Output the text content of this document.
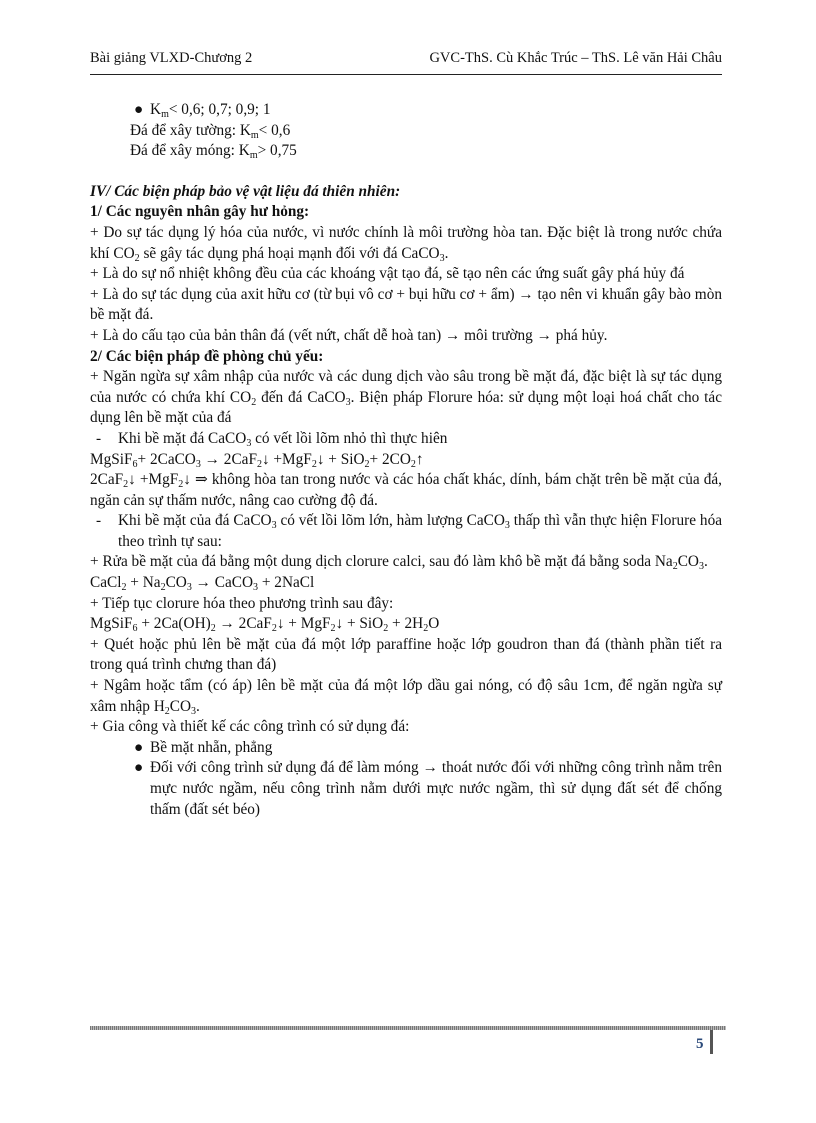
Bài giảng VLXD-Chương 2	GVC-ThS. Cù Khắc Trúc – ThS. Lê văn Hải Châu
● $K_m< 0,6$; 0,7; 0,9; 1
Đá để xây tường: $K_m< 0,6$
Đá để xây móng: $K_m> 0,75$
IV/ Các biện pháp bảo vệ vật liệu đá thiên nhiên:
1/ Các nguyên nhân gây hư hỏng:
+ Do sự tác dụng lý hóa của nước, vì nước chính là môi trường hòa tan. Đặc biệt là trong nước chứa khí $CO_2$ sẽ gây tác dụng phá hoại mạnh đối với đá CaCO$_3$.
+ Là do sự nổ nhiệt không đều của các khoáng vật tạo đá, sẽ tạo nên các ứng suất gây phá hủy đá
+ Là do sự tác dụng của axit hữu cơ (từ bụi vô cơ + bụi hữu cơ + ẩm) → tạo nên vi khuẩn gây bào mòn bề mặt đá.
+ Là do cấu tạo của bản thân đá (vết nứt, chất dễ hoà tan) → môi trường → phá hủy.
2/ Các biện pháp đề phòng chủ yếu:
+ Ngăn ngừa sự xâm nhập của nước và các dung dịch vào sâu trong bề mặt đá, đặc biệt là sự tác dụng của nước có chứa khí $CO_2$ đến đá CaCO$_3$. Biện pháp Florure hóa: sử dụng một loại hoá chất cho tác dụng lên bề mặt của đá
- Khi bề mặt đá CaCO$_3$ có vết lồi lõm nhỏ thì thực hiên
MgSiF$_6$+ 2CaCO$_3$ → 2CaF$_2$↓ +MgF$_2$↓ + $SiO_2+ 2CO_2↑$
2CaF$_2$↓ +MgF$_2$↓ ⇒ không hòa tan trong nước và các hóa chất khác, dính, bám chặt trên bề mặt của đá, ngăn cản sự thấm nước, nâng cao cường độ đá.
- Khi bề mặt của đá CaCO$_3$ có vết lồi lõm lớn, hàm lượng CaCO$_3$ thấp thì vẫn thực hiện Florure hóa theo trình tự sau:
+ Rửa bề mặt của đá bằng một dung dịch clorure calci, sau đó làm khô bề mặt đá bằng soda $Na_2CO_3$.
CaCl$_2$ + $Na_2CO_3$ → CaCO$_3$ + 2NaCl
+ Tiếp tục clorure hóa theo phương trình sau đây:
MgSiF$_6$ + $2Ca(OH)_2$ → 2CaF$_2$↓ + MgF$_2$↓ + $SiO_2 + 2H_2O$
+ Quét hoặc phủ lên bề mặt của đá một lớp paraffine hoặc lớp goudron than đá (thành phần tiết ra trong quá trình chưng than đá)
+ Ngâm hoặc tẩm (có áp) lên bề mặt của đá một lớp dầu gai nóng, có độ sâu 1cm, để ngăn ngừa sự xâm nhập $H_2CO_3$.
+ Gia công và thiết kế các công trình có sử dụng đá:
● Bề mặt nhẵn, phẳng
● Đối với công trình sử dụng đá để làm móng → thoát nước đối với những công trình nằm trên mực nước ngầm, nếu công trình nằm dưới mực nước ngầm, thì sử dụng đất sét để chống thấm (đất sét béo)
5
